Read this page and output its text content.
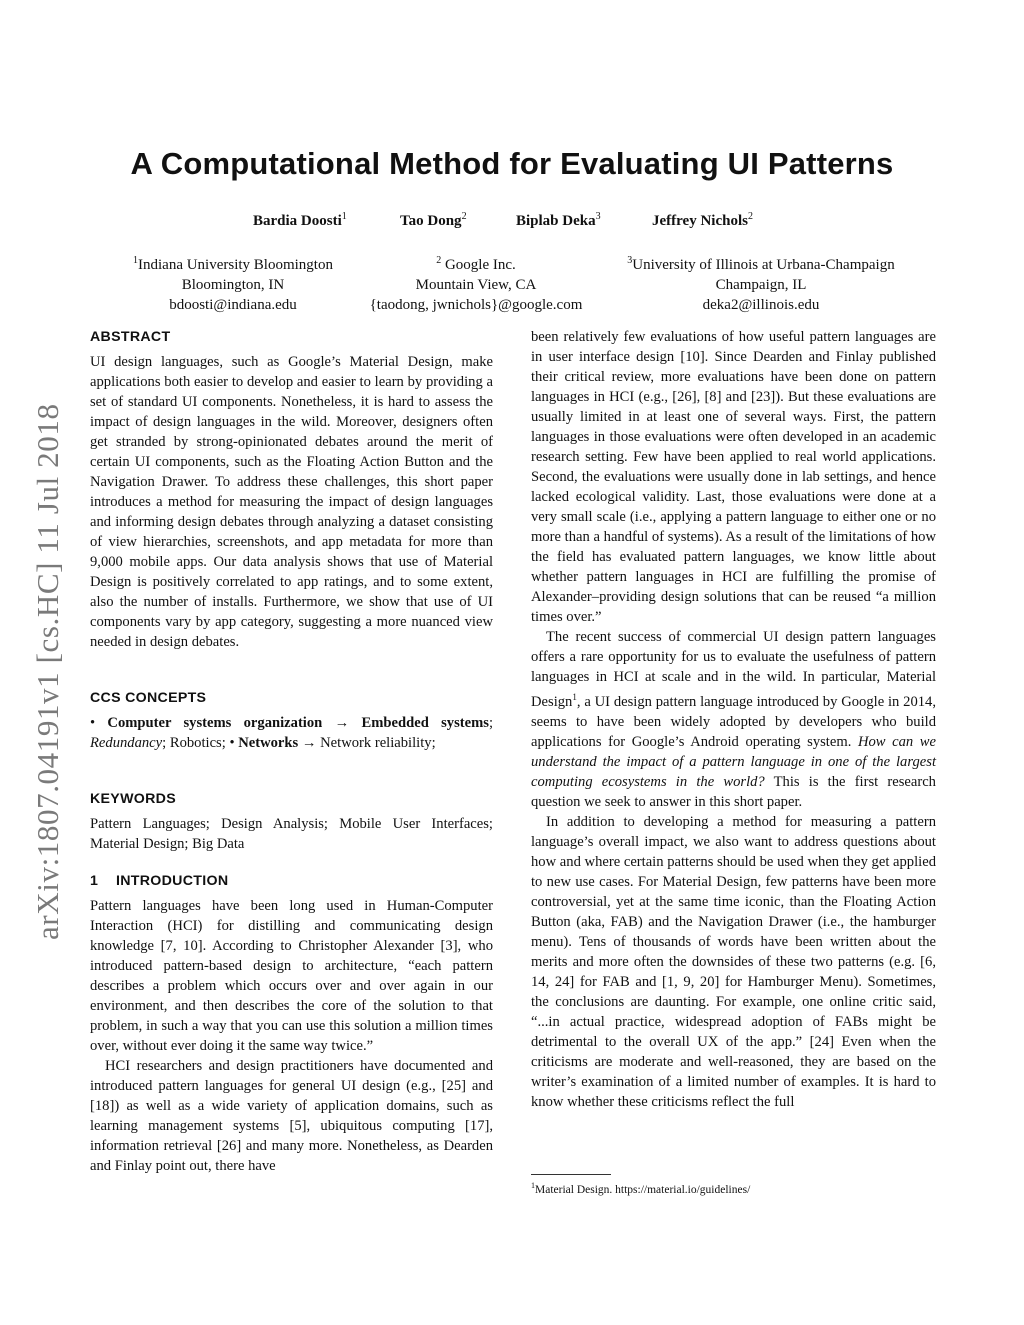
arXiv:1807.04191v1 [cs.HC] 11 Jul 2018
A Computational Method for Evaluating UI Patterns
Bardia Doosti$^1$	Tao Dong$^2$	Biplab Deka$^3$	Jeffrey Nichols$^2$
$^1$Indiana University Bloomington
Bloomington, IN
bdoosti@indiana.edu
$^2$ Google Inc.
Mountain View, CA
{taodong, jwnichols}@google.com
$^3$University of Illinois at Urbana-Champaign
Champaign, IL
deka2@illinois.edu
ABSTRACT

UI design languages, such as Google’s Material Design, make applications both easier to develop and easier to learn by providing a set of standard UI components. Nonetheless, it is hard to assess the impact of design languages in the wild. Moreover, designers often get stranded by strong-opinionated debates around the merit of certain UI components, such as the Floating Action Button and the Navigation Drawer. To address these challenges, this short paper introduces a method for measuring the impact of design languages and informing design debates through analyzing a dataset consisting of view hierarchies, screenshots, and app metadata for more than 9,000 mobile apps. Our data analysis shows that use of Material Design is positively correlated to app ratings, and to some extent, also the number of installs. Furthermore, we show that use of UI components vary by app category, suggesting a more nuanced view needed in design debates.

CCS CONCEPTS

• Computer systems organization → Embedded systems; Redundancy; Robotics; • Networks → Network reliability;

KEYWORDS

Pattern Languages; Design Analysis; Mobile User Interfaces; Material Design; Big Data

1 INTRODUCTION

Pattern languages have been long used in Human-Computer Interaction (HCI) for distilling and communicating design knowledge [7, 10]. According to Christopher Alexander [3], who introduced pattern-based design to architecture, “each pattern describes a problem which occurs over and over again in our environment, and then describes the core of the solution to that problem, in such a way that you can use this solution a million times over, without ever doing it the same way twice.”

HCI researchers and design practitioners have documented and introduced pattern languages for general UI design (e.g., [25] and [18]) as well as a wide variety of application domains, such as learning management systems [5], ubiquitous computing [17], information retrieval [26] and many more. Nonetheless, as Dearden and Finlay point out, there have

been relatively few evaluations of how useful pattern languages are in user interface design [10]. Since Dearden and Finlay published their critical review, more evaluations have been done on pattern languages in HCI (e.g., [26], [8] and [23]). But these evaluations are usually limited in at least one of several ways. First, the pattern languages in those evaluations were often developed in an academic research setting. Few have been applied to real world applications. Second, the evaluations were usually done in lab settings, and hence lacked ecological validity. Last, those evaluations were done at a very small scale (i.e., applying a pattern language to either one or no more than a handful of systems). As a result of the limitations of how the field has evaluated pattern languages, we know little about whether pattern languages in HCI are fulfilling the promise of Alexander–providing design solutions that can be reused “a million times over.”

The recent success of commercial UI design pattern languages offers a rare opportunity for us to evaluate the usefulness of pattern languages in HCI at scale and in the wild. In particular, Material Design$^1$, a UI design pattern language introduced by Google in 2014, seems to have been widely adopted by developers who build applications for Google’s Android operating system. How can we understand the impact of a pattern language in one of the largest computing ecosystems in the world? This is the first research question we seek to answer in this short paper.

In addition to developing a method for measuring a pattern language’s overall impact, we also want to address questions about how and where certain patterns should be used when they get applied to new use cases. For Material Design, few patterns have been more controversial, yet at the same time iconic, than the Floating Action Button (aka, FAB) and the Navigation Drawer (i.e., the hamburger menu). Tens of thousands of words have been written about the merits and more often the downsides of these two patterns (e.g. [6, 14, 24] for FAB and [1, 9, 20] for Hamburger Menu). Sometimes, the conclusions are daunting. For example, one online critic said, “...in actual practice, widespread adoption of FABs might be detrimental to the overall UX of the app.” [24] Even when the criticisms are moderate and well-reasoned, they are based on the writer’s examination of a limited number of examples. It is hard to know whether these criticisms reflect the full

$^1$Material Design. https://material.io/guidelines/
